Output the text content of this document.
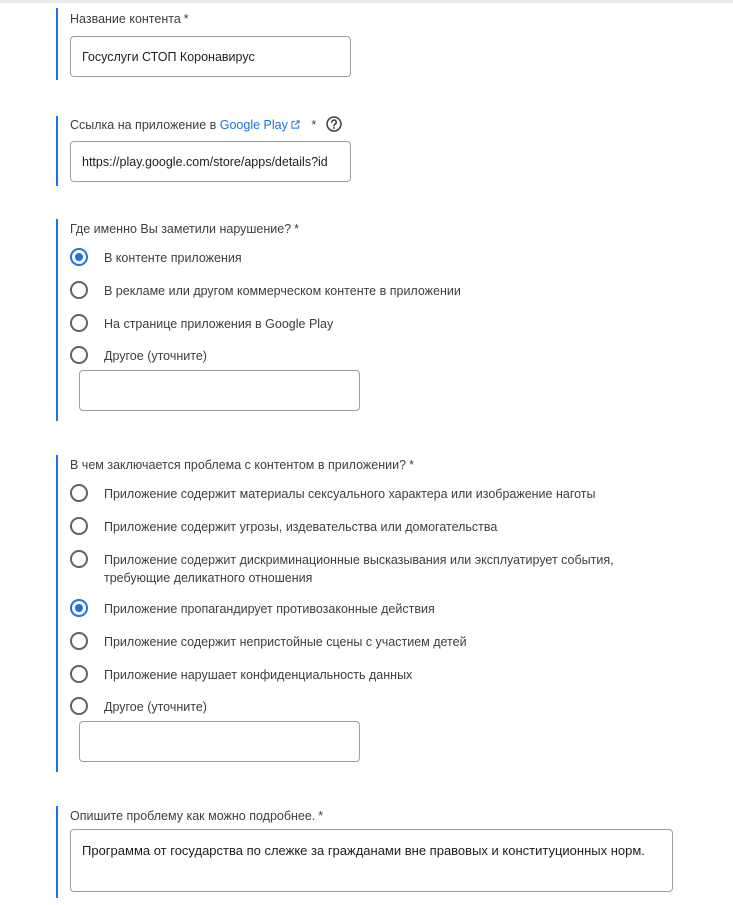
Название контента *
Госуслуги СТОП Коронавирус
Ссылка на приложение в Google Play *
https://play.google.com/store/apps/details?id
Где именно Вы заметили нарушение? *
В контенте приложения
В рекламе или другом коммерческом контенте в приложении
На странице приложения в Google Play
Другое (уточните)
В чем заключается проблема с контентом в приложении? *
Приложение содержит материалы сексуального характера или изображение наготы
Приложение содержит угрозы, издевательства или домогательства
Приложение содержит дискриминационные высказывания или эксплуатирует события, требующие деликатного отношения
Приложение пропагандирует противозаконные действия
Приложение содержит непристойные сцены с участием детей
Приложение нарушает конфиденциальность данных
Другое (уточните)
Опишите проблему как можно подробнее. *
Программа от государства по слежке за гражданами вне правовых и конституционных норм.
